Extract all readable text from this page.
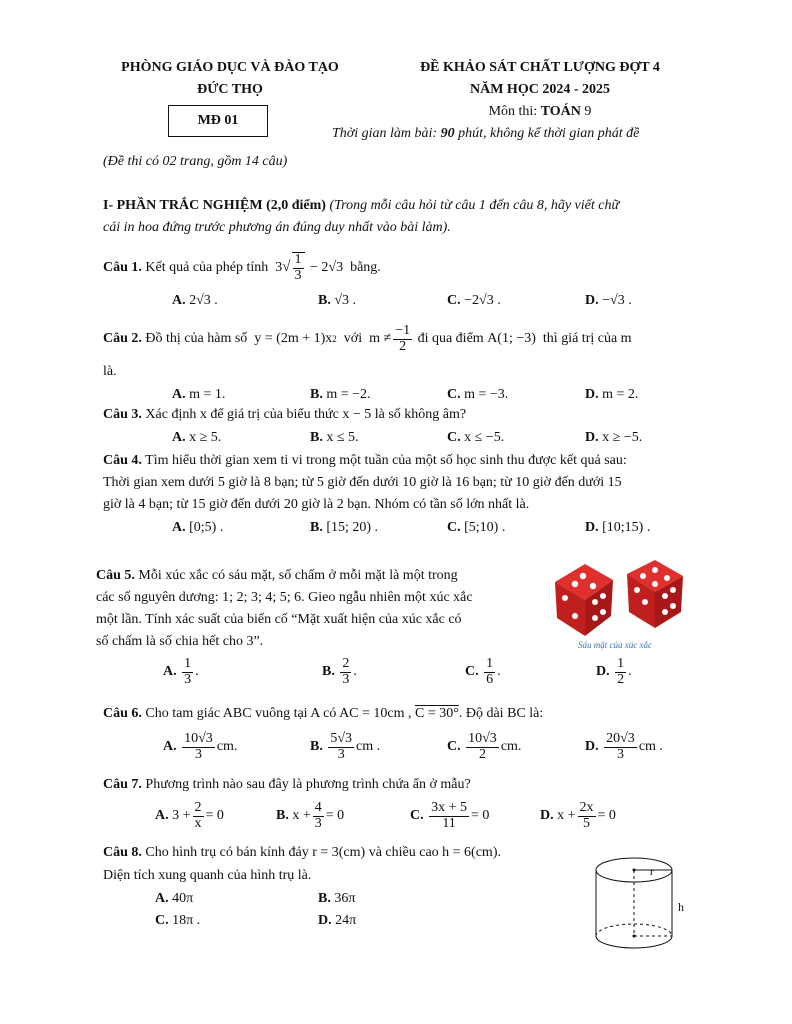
PHÒNG GIÁO DỤC VÀ ĐÀO TẠO
ĐỨC THỌ
MĐ 01
ĐỀ KHẢO SÁT CHẤT LƯỢNG ĐỢT 4
NĂM HỌC 2024 - 2025
Môn thi: TOÁN 9
Thời gian làm bài: 90 phút, không kể thời gian phát đề
(Đề thi có 02 trang, gồm 14 câu)
I- PHẦN TRẮC NGHIỆM (2,0 điểm) (Trong mỗi câu hỏi từ câu 1 đến câu 8, hãy viết chữ
cái in hoa đứng trước phương án đúng duy nhất vào bài làm).
Câu 1.
Kết quả của phép tính
3 √ $\frac{1}{3}$
− 2√3
bằng.
A. 2√3 .	B. √3 .	C. −2√3 .	D. −√3 .
Câu 2.
Đồ thị của hàm số
y = (2m + 1)x 2
với
$m \ne \frac{-1}{2}$
đi qua điểm
A(1; −3)
thì giá trị của m
là.
A. m = 1.	B. m = −2.	C. m = −3.	D. m = 2.
Câu 3. Xác định x để giá trị của biểu thức x − 5 là số không âm?
A. x ≥ 5.	B. x ≤ 5.	C. x ≤ −5.	D. x ≥ −5.
Câu 4. Tìm hiểu thời gian xem ti vi trong một tuần của một số học sinh thu được kết quả sau:
Thời gian xem dưới 5 giờ là 8 bạn; từ 5 giờ đến dưới 10 giờ là 16 bạn; từ 10 giờ đến dưới 15
giờ là 4 bạn; từ 15 giờ đến dưới 20 giờ là 2 bạn. Nhóm có tần số lớn nhất là.
A. [0;5) .	B. [15; 20) .	C. [5;10) .	D. [10;15) .
Câu 5. Mỗi xúc xắc có sáu mặt, số chấm ở mỗi mặt là một trong
các số nguyên dương: 1; 2; 3; 4; 5; 6. Gieo ngẫu nhiên một xúc xắc
một lần. Tính xác suất của biến cố “Mặt xuất hiện của xúc xắc có
số chấm là số chia hết cho 3”.	Sáu mặt của xúc xắc
A.
$\frac{1}{3}$ .	B.
$\frac{2}{3}$ .	C.
$\frac{1}{6}$ .	D.
$\frac{1}{2}$ .
Câu 6. Cho tam giác ABC vuông tại A có AC = 10cm , C = 30°. Độ dài BC là:
A.
$\frac{10√3}{3}$ cm.	B.
$\frac{5√3}{3}$ cm .	C.
$\frac{10√3}{2}$ cm.	D.
$\frac{20√3}{3}$ cm .
Câu 7. Phương trình nào sau đây là phương trình chứa ẩn ở mẫu?
A.
$3 + \frac{2}{x} = 0$	B.
$x + \frac{4}{3} = 0$	C.
$\frac{3x + 5}{11} = 0$	D.
$x + \frac{2x}{5} = 0$
Câu 8. Cho hình trụ có bán kính đáy r = 3(cm) và chiều cao h = 6(cm).
Diện tích xung quanh của hình trụ là.
A. 40π	B. 36π
C. 18π .	D. 24π
r
h
